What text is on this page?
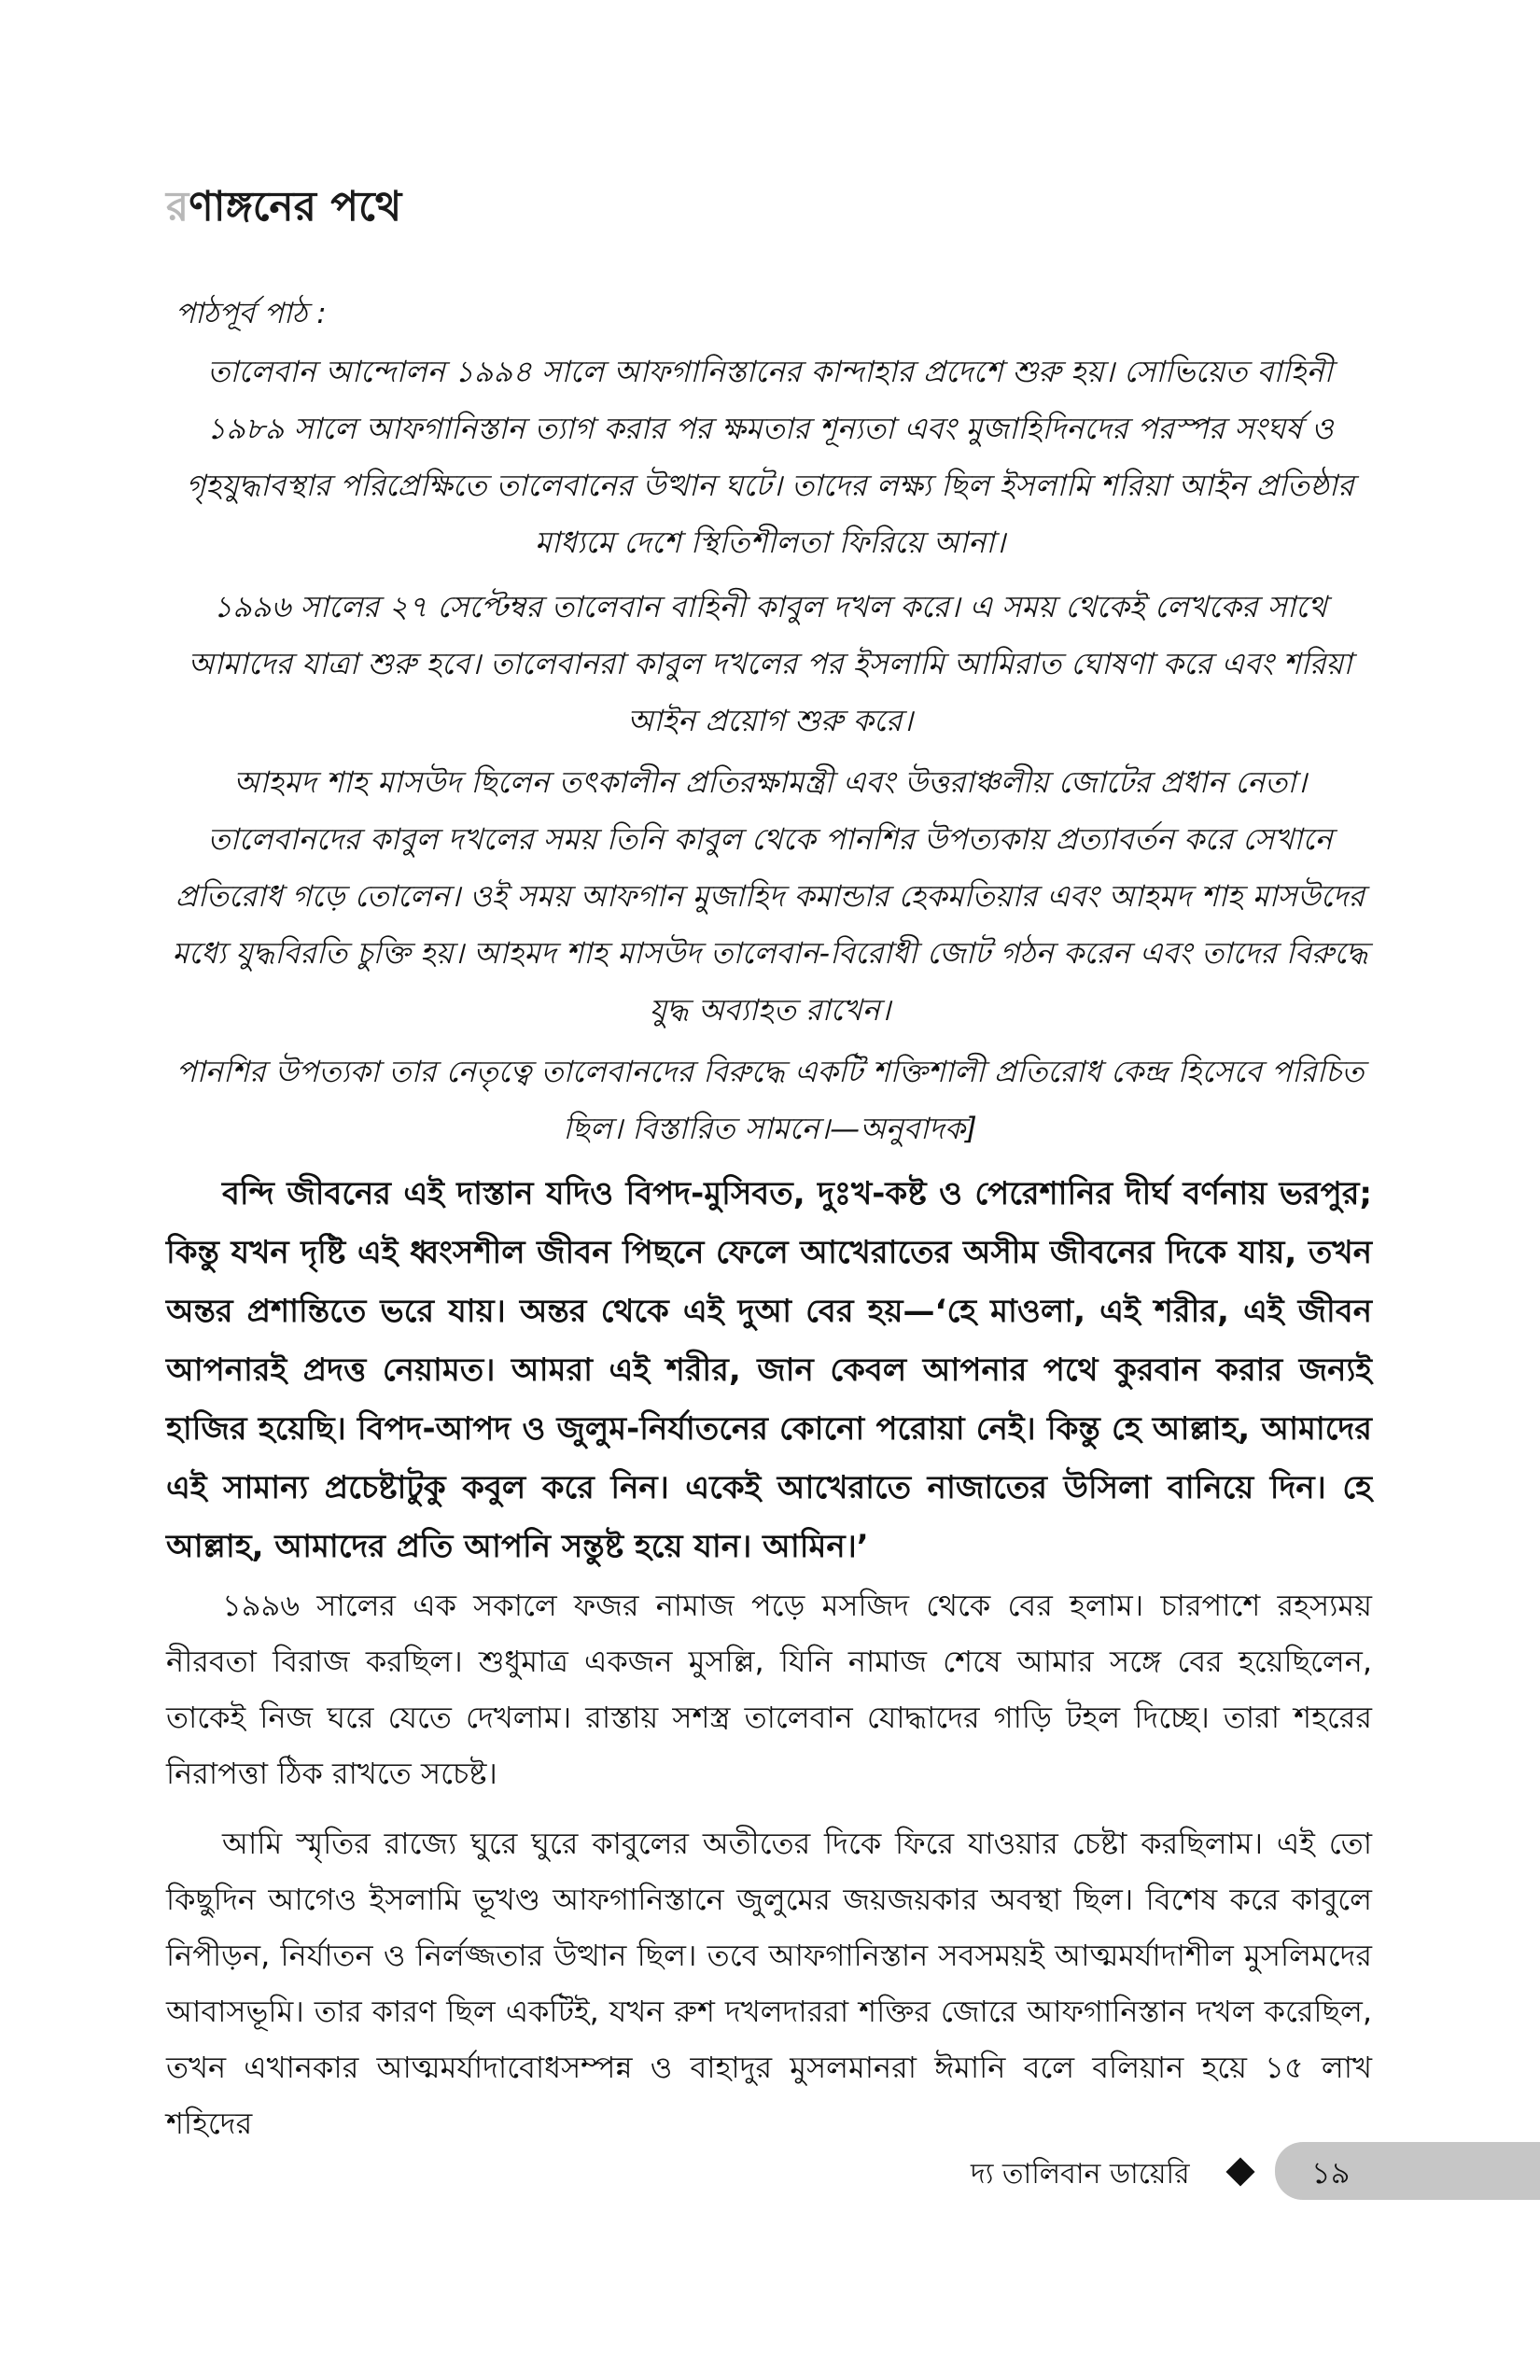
রণাঙ্গনের পথে
পাঠপূর্ব পাঠ :

তালেবান আন্দোলন ১৯৯৪ সালে আফগানিস্তানের কান্দাহার প্রদেশে শুরু হয়। সোভিয়েত বাহিনী ১৯৮৯ সালে আফগানিস্তান ত্যাগ করার পর ক্ষমতার শূন্যতা এবং মুজাহিদিনদের পরস্পর সংঘর্ষ ও গৃহযুদ্ধাবস্থার পরিপ্রেক্ষিতে তালেবানের উত্থান ঘটে। তাদের লক্ষ্য ছিল ইসলামি শরিয়া আইন প্রতিষ্ঠার মাধ্যমে দেশে স্থিতিশীলতা ফিরিয়ে আনা।

১৯৯৬ সালের ২৭ সেপ্টেম্বর তালেবান বাহিনী কাবুল দখল করে। এ সময় থেকেই লেখকের সাথে আমাদের যাত্রা শুরু হবে। তালেবানরা কাবুল দখলের পর ইসলামি আমিরাত ঘোষণা করে এবং শরিয়া আইন প্রয়োগ শুরু করে।

আহমদ শাহ মাসউদ ছিলেন তৎকালীন প্রতিরক্ষামন্ত্রী এবং উত্তরাঞ্চলীয় জোটের প্রধান নেতা। তালেবানদের কাবুল দখলের সময় তিনি কাবুল থেকে পানশির উপত্যকায় প্রত্যাবর্তন করে সেখানে প্রতিরোধ গড়ে তোলেন। ওই সময় আফগান মুজাহিদ কমান্ডার হেকমতিয়ার এবং আহমদ শাহ মাসউদের মধ্যে যুদ্ধবিরতি চুক্তি হয়। আহমদ শাহ মাসউদ তালেবান-বিরোধী জোট গঠন করেন এবং তাদের বিরুদ্ধে যুদ্ধ অব্যাহত রাখেন।

পানশির উপত্যকা তার নেতৃত্বে তালেবানদের বিরুদ্ধে একটি শক্তিশালী প্রতিরোধ কেন্দ্র হিসেবে পরিচিত ছিল। বিস্তারিত সামনে।—অনুবাদক]

বন্দি জীবনের এই দাস্তান যদিও বিপদ-মুসিবত, দুঃখ-কষ্ট ও পেরেশানির দীর্ঘ বর্ণনায় ভরপুর; কিন্তু যখন দৃষ্টি এই ধ্বংসশীল জীবন পিছনে ফেলে আখেরাতের অসীম জীবনের দিকে যায়, তখন অন্তর প্রশান্তিতে ভরে যায়। অন্তর থেকে এই দুআ বের হয়—‘হে মাওলা, এই শরীর, এই জীবন আপনারই প্রদত্ত নেয়ামত। আমরা এই শরীর, জান কেবল আপনার পথে কুরবান করার জন্যই হাজির হয়েছি। বিপদ-আপদ ও জুলুম-নির্যাতনের কোনো পরোয়া নেই। কিন্তু হে আল্লাহ, আমাদের এই সামান্য প্রচেষ্টাটুকু কবুল করে নিন। একেই আখেরাতে নাজাতের উসিলা বানিয়ে দিন। হে আল্লাহ, আমাদের প্রতি আপনি সন্তুষ্ট হয়ে যান। আমিন।’

১৯৯৬ সালের এক সকালে ফজর নামাজ পড়ে মসজিদ থেকে বের হলাম। চারপাশে রহস্যময় নীরবতা বিরাজ করছিল। শুধুমাত্র একজন মুসল্লি, যিনি নামাজ শেষে আমার সঙ্গে বের হয়েছিলেন, তাকেই নিজ ঘরে যেতে দেখলাম। রাস্তায় সশস্ত্র তালেবান যোদ্ধাদের গাড়ি টহল দিচ্ছে। তারা শহরের নিরাপত্তা ঠিক রাখতে সচেষ্ট।

আমি স্মৃতির রাজ্যে ঘুরে ঘুরে কাবুলের অতীতের দিকে ফিরে যাওয়ার চেষ্টা করছিলাম। এই তো কিছুদিন আগেও ইসলামি ভূখণ্ড আফগানিস্তানে জুলুমের জয়জয়কার অবস্থা ছিল। বিশেষ করে কাবুলে নিপীড়ন, নির্যাতন ও নির্লজ্জতার উত্থান ছিল। তবে আফগানিস্তান সবসময়ই আত্মমর্যাদাশীল মুসলিমদের আবাসভূমি। তার কারণ ছিল একটিই, যখন রুশ দখলদাররা শক্তির জোরে আফগানিস্তান দখল করেছিল, তখন এখানকার আত্মমর্যাদাবোধসম্পন্ন ও বাহাদুর মুসলমানরা ঈমানি বলে বলিয়ান হয়ে ১৫ লাখ শহিদের

দ্য তালিবান ডায়েরি	১৯
